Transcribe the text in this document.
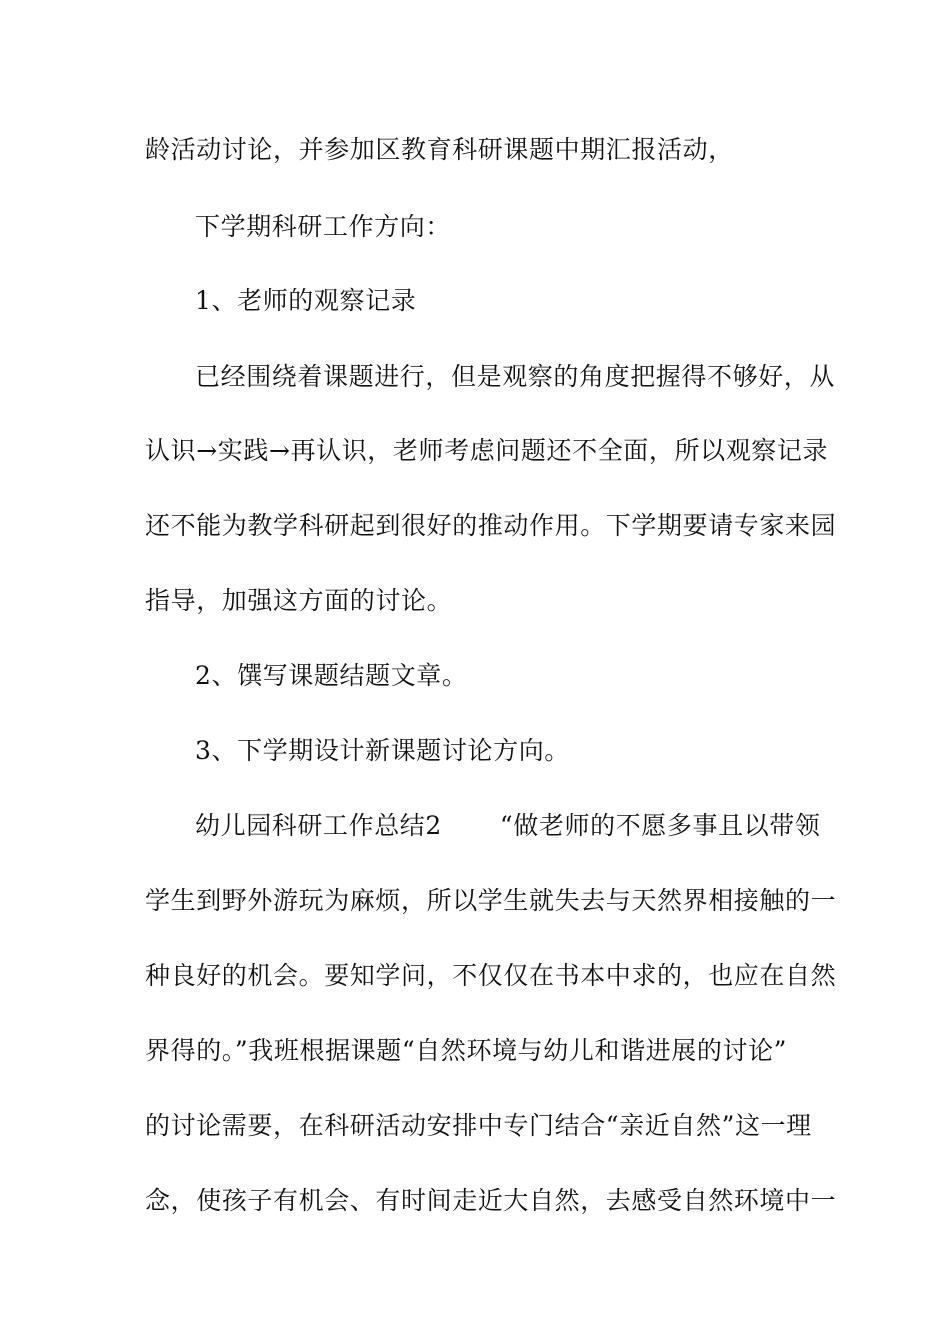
龄活动讨论，并参加区教育科研课题中期汇报活动，
下学期科研工作方向：
1、老师的观察记录
已经围绕着课题进行，但是观察的角度把握得不够好，从
认识→实践→再认识，老师考虑问题还不全面，所以观察记录
还不能为教学科研起到很好的推动作用。下学期要请专家来园
指导，加强这方面的讨论。
2、馔写课题结题文章。
3、下学期设计新课题讨论方向。
幼儿园科研工作总结2 “做老师的不愿多事且以带领
学生到野外游玩为麻烦，所以学生就失去与天然界相接触的一
种良好的机会。要知学问，不仅仅在书本中求的，也应在自然
界得的。”我班根据课题“自然环境与幼儿和谐进展的讨论”
的讨论需要，在科研活动安排中专门结合“亲近自然”这一理
念，使孩子有机会、有时间走近大自然，去感受自然环境中一
